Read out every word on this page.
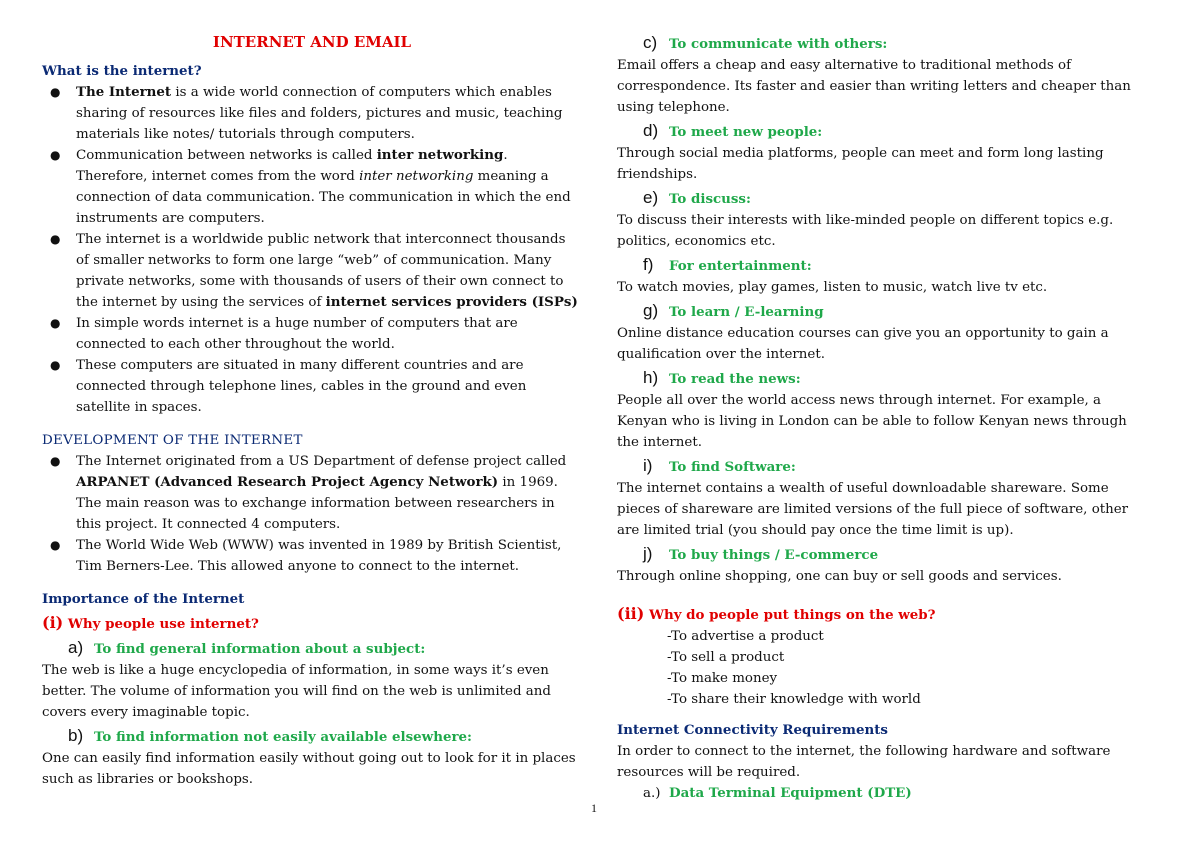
INTERNET AND EMAIL

What is the internet?

● The Internet is a wide world connection of computers which enables sharing of resources like files and folders, pictures and music, teaching materials like notes/ tutorials through computers.
● Communication between networks is called inter networking. Therefore, internet comes from the word inter networking meaning a connection of data communication. The communication in which the end instruments are computers.
● The internet is a worldwide public network that interconnect thousands of smaller networks to form one large “web” of communication. Many private networks, some with thousands of users of their own connect to the internet by using the services of internet services providers (ISPs)
● In simple words internet is a huge number of computers that are connected to each other throughout the world.
● These computers are situated in many different countries and are connected through telephone lines, cables in the ground and even satellite in spaces.

DEVELOPMENT OF THE INTERNET

● The Internet originated from a US Department of defense project called ARPANET (Advanced Research Project Agency Network) in 1969. The main reason was to exchange information between researchers in this project. It connected 4 computers.
● The World Wide Web (WWW) was invented in 1989 by British Scientist, Tim Berners-Lee. This allowed anyone to connect to the internet.

Importance of the Internet

(i) Why people use internet?

a) To find general information about a subject:

The web is like a huge encyclopedia of information, in some ways it’s even better. The volume of information you will find on the web is unlimited and covers every imaginable topic.

b) To find information not easily available elsewhere:

One can easily find information easily without going out to look for it in places such as libraries or bookshops.

c) To communicate with others:

Email offers a cheap and easy alternative to traditional methods of correspondence. Its faster and easier than writing letters and cheaper than using telephone.

d) To meet new people:

Through social media platforms, people can meet and form long lasting friendships.

e) To discuss:

To discuss their interests with like-minded people on different topics e.g. politics, economics etc.

f)	For entertainment:

To watch movies, play games, listen to music, watch live tv etc.

g) To learn / E-learning

Online distance education courses can give you an opportunity to gain a qualification over the internet.

h) To read the news:

People all over the world access news through internet. For example, a Kenyan who is living in London can be able to follow Kenyan news through the internet.

i)	To find Software:

The internet contains a wealth of useful downloadable shareware. Some pieces of shareware are limited versions of the full piece of software, other are limited trial (you should pay once the time limit is up).

j)	To buy things / E-commerce

Through online shopping, one can buy or sell goods and services.

(ii) Why do people put things on the web?

-To advertise a product

-To sell a product

-To make money

-To share their knowledge with world

Internet Connectivity Requirements

In order to connect to the internet, the following hardware and software resources will be required.

a.) Data Terminal Equipment (DTE)

1
